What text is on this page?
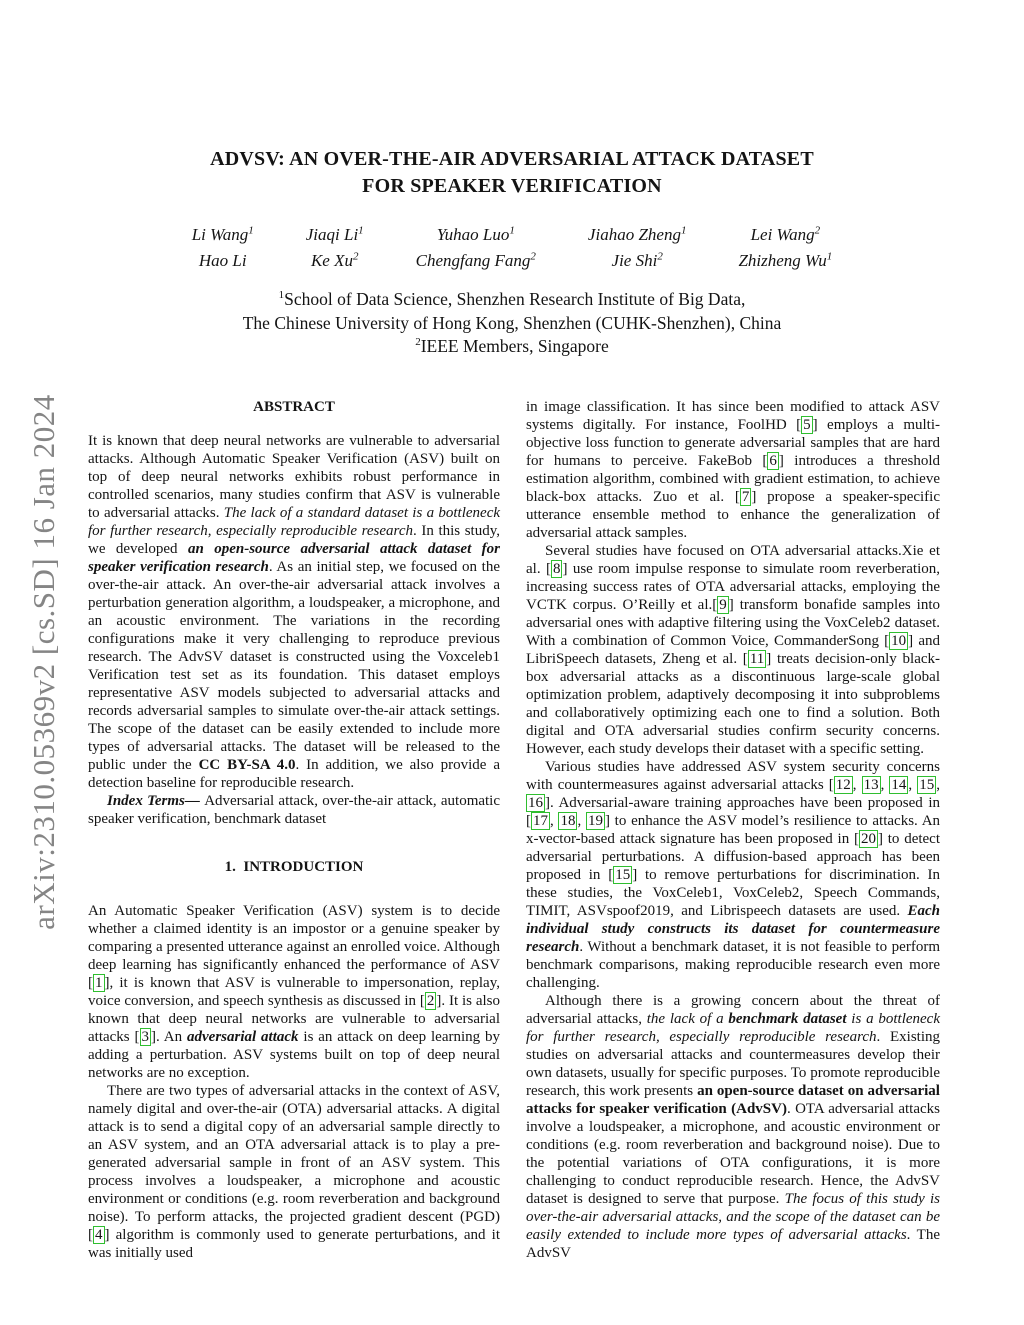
arXiv:2310.05369v2 [cs.SD] 16 Jan 2024
ADVSV: AN OVER-THE-AIR ADVERSARIAL ATTACK DATASET
FOR SPEAKER VERIFICATION
Li Wang$^1$
Hao Li
Jiaqi Li$^1$
Ke Xu$^2$
Yuhao Luo$^1$
Chengfang Fang$^2$
Jiahao Zheng$^1$
Jie Shi$^2$
Lei Wang$^2$
Zhizheng Wu$^1$
$^1$School of Data Science, Shenzhen Research Institute of Big Data,
The Chinese University of Hong Kong, Shenzhen (CUHK-Shenzhen), China
$^2$IEEE Members, Singapore
ABSTRACT

It is known that deep neural networks are vulnerable to adversarial attacks. Although Automatic Speaker Verification (ASV) built on top of deep neural networks exhibits robust performance in controlled scenarios, many studies confirm that ASV is vulnerable to adversarial attacks. The lack of a standard dataset is a bottleneck for further research, especially reproducible research. In this study, we developed an open-source adversarial attack dataset for speaker verification research. As an initial step, we focused on the over-the-air attack. An over-the-air adversarial attack involves a perturbation generation algorithm, a loudspeaker, a microphone, and an acoustic environment. The variations in the recording configurations make it very challenging to reproduce previous research. The AdvSV dataset is constructed using the Voxceleb1 Verification test set as its foundation. This dataset employs representative ASV models subjected to adversarial attacks and records adversarial samples to simulate over-the-air attack settings. The scope of the dataset can be easily extended to include more types of adversarial attacks. The dataset will be released to the public under the CC BY-SA 4.0. In addition, we also provide a detection baseline for reproducible research.

Index Terms— Adversarial attack, over-the-air attack, automatic speaker verification, benchmark dataset

1.  INTRODUCTION

An Automatic Speaker Verification (ASV) system is to decide whether a claimed identity is an impostor or a genuine speaker by comparing a presented utterance against an enrolled voice. Although deep learning has significantly enhanced the performance of ASV [ 1 ], it is known that ASV is vulnerable to impersonation, replay, voice conversion, and speech synthesis as discussed in [ 2 ]. It is also known that deep neural networks are vulnerable to adversarial attacks [ 3 ]. An adversarial attack is an attack on deep learning by adding a perturbation. ASV systems built on top of deep neural networks are no exception.

There are two types of adversarial attacks in the context of ASV, namely digital and over-the-air (OTA) adversarial attacks. A digital attack is to send a digital copy of an adversarial sample directly to an ASV system, and an OTA adversarial attack is to play a pre-generated adversarial sample in front of an ASV system. This process involves a loudspeaker, a microphone and acoustic environment or conditions (e.g. room reverberation and background noise). To perform attacks, the projected gradient descent (PGD) [ 4 ] algorithm is commonly used to generate perturbations, and it was initially used

in image classification. It has since been modified to attack ASV systems digitally. For instance, FoolHD [ 5 ] employs a multi-objective loss function to generate adversarial samples that are hard for humans to perceive. FakeBob [ 6 ] introduces a threshold estimation algorithm, combined with gradient estimation, to achieve black-box attacks. Zuo et al. [ 7 ] propose a speaker-specific utterance ensemble method to enhance the generalization of adversarial attack samples.

Several studies have focused on OTA adversarial attacks.Xie et al. [ 8 ] use room impulse response to simulate room reverberation, increasing success rates of OTA adversarial attacks, employing the VCTK corpus. O’Reilly et al.[ 9 ] transform bonafide samples into adversarial ones with adaptive filtering using the VoxCeleb2 dataset. With a combination of Common Voice, CommanderSong [ 10 ] and LibriSpeech datasets, Zheng et al. [ 11 ] treats decision-only black-box adversarial attacks as a discontinuous large-scale global optimization problem, adaptively decomposing it into subproblems and collaboratively optimizing each one to find a solution. Both digital and OTA adversarial studies confirm security concerns. However, each study develops their dataset with a specific setting.

Various studies have addressed ASV system security concerns with countermeasures against adversarial attacks [ 12 , 13 , 14 , 15 , 16 ]. Adversarial-aware training approaches have been proposed in [ 17 , 18 , 19 ] to enhance the ASV model’s resilience to attacks. An x-vector-based attack signature has been proposed in [ 20 ] to detect adversarial perturbations. A diffusion-based approach has been proposed in [ 15 ] to remove perturbations for discrimination. In these studies, the VoxCeleb1, VoxCeleb2, Speech Commands, TIMIT, ASVspoof2019, and Librispeech datasets are used. Each individual study constructs its dataset for countermeasure research. Without a benchmark dataset, it is not feasible to perform benchmark comparisons, making reproducible research even more challenging.

Although there is a growing concern about the threat of adversarial attacks, the lack of a benchmark dataset is a bottleneck for further research, especially reproducible research. Existing studies on adversarial attacks and countermeasures develop their own datasets, usually for specific purposes. To promote reproducible research, this work presents an open-source dataset on adversarial attacks for speaker verification (AdvSV). OTA adversarial attacks involve a loudspeaker, a microphone, and acoustic environment or conditions (e.g. room reverberation and background noise). Due to the potential variations of OTA configurations, it is more challenging to conduct reproducible research. Hence, the AdvSV dataset is designed to serve that purpose. The focus of this study is over-the-air adversarial attacks, and the scope of the dataset can be easily extended to include more types of adversarial attacks. The AdvSV
